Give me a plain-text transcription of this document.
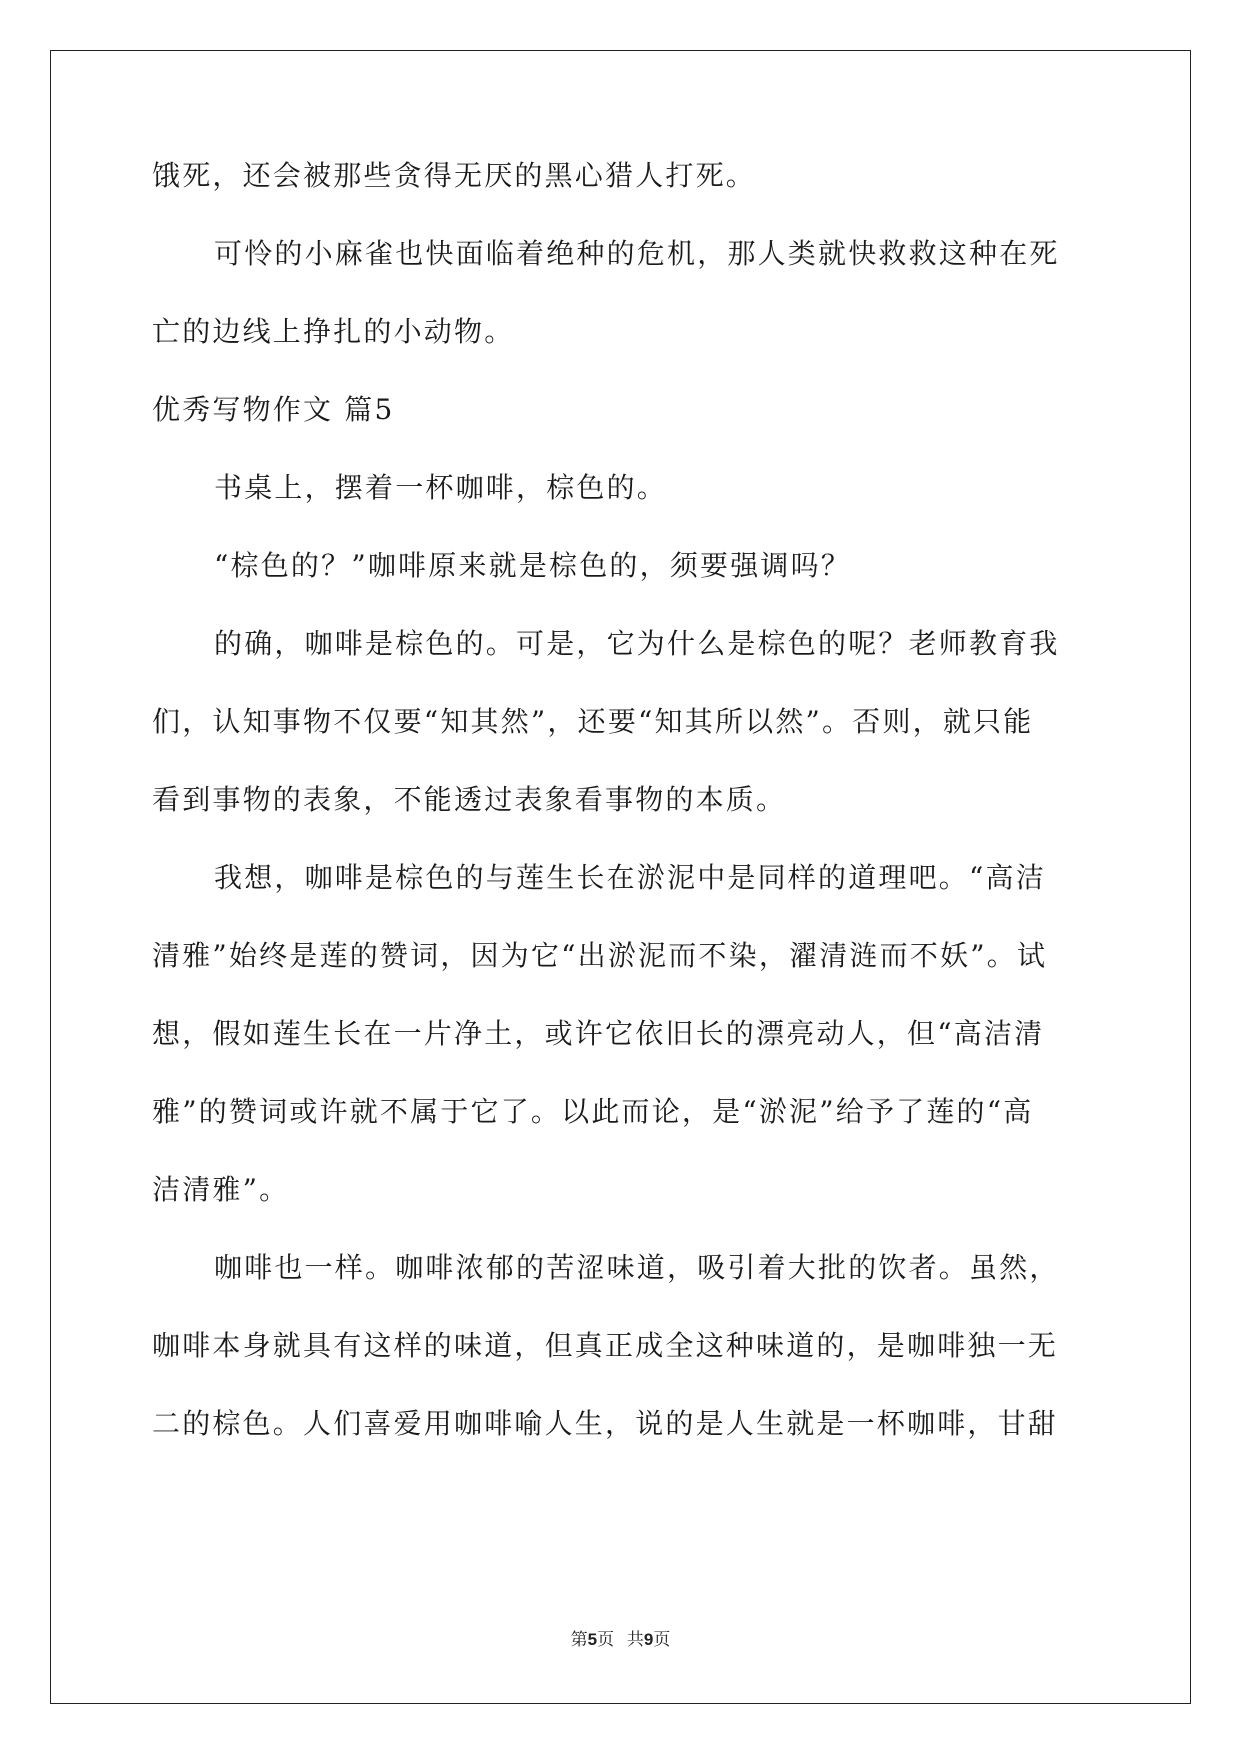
饿死，还会被那些贪得无厌的黑心猎人打死。
可怜的小麻雀也快面临着绝种的危机，那人类就快救救这种在死
亡的边线上挣扎的小动物。
优秀写物作文 篇5
书桌上，摆着一杯咖啡，棕色的。
“棕色的？”咖啡原来就是棕色的，须要强调吗？
的确，咖啡是棕色的。可是，它为什么是棕色的呢？老师教育我
们，认知事物不仅要“知其然”，还要“知其所以然”。否则，就只能
看到事物的表象，不能透过表象看事物的本质。
我想，咖啡是棕色的与莲生长在淤泥中是同样的道理吧。“高洁
清雅”始终是莲的赞词，因为它“出淤泥而不染，濯清涟而不妖”。试
想，假如莲生长在一片净土，或许它依旧长的漂亮动人，但“高洁清
雅”的赞词或许就不属于它了。以此而论，是“淤泥”给予了莲的“高
洁清雅”。
咖啡也一样。咖啡浓郁的苦涩味道，吸引着大批的饮者。虽然，
咖啡本身就具有这样的味道，但真正成全这种味道的，是咖啡独一无
二的棕色。人们喜爱用咖啡喻人生，说的是人生就是一杯咖啡，甘甜
第5页   共9页
